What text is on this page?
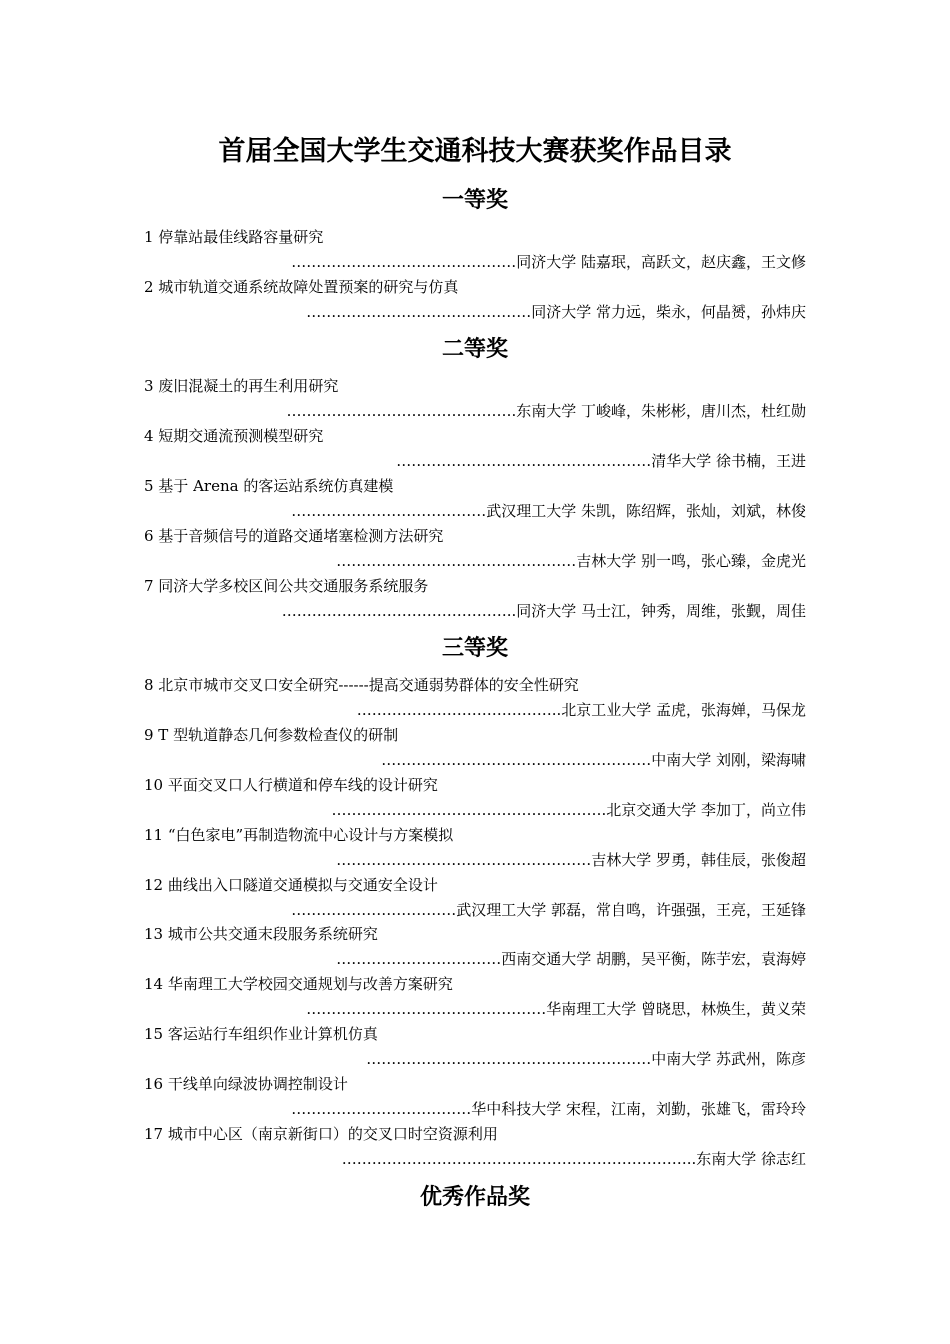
首届全国大学生交通科技大赛获奖作品目录
一等奖
1 停靠站最佳线路容量研究
………………………………………同济大学 陆嘉珉，高跃文，赵庆鑫，王文修
2 城市轨道交通系统故障处置预案的研究与仿真
………………………………………同济大学 常力远，柴永，何晶赟，孙炜庆
二等奖
3 废旧混凝土的再生利用研究
……………………………………….东南大学 丁峻峰，朱彬彬，唐川杰，杜红勋
4 短期交通流预测模型研究
……………………………………………清华大学 徐书楠，王进
5 基于 Arena 的客运站系统仿真建模
…………………………………武汉理工大学 朱凯，陈绍辉，张灿，刘斌，林俊
6 基于音频信号的道路交通堵塞检测方法研究
…………………………………………吉林大学 别一鸣，张心臻，金虎光
7 同济大学多校区间公共交通服务系统服务
………………………………………..同济大学 马士江，钟秀，周维，张觐，周佳
三等奖
8 北京市城市交叉口安全研究------提高交通弱势群体的安全性研究
…………………………………..北京工业大学 孟虎，张海婵，马保龙
9 T 型轨道静态几何参数检查仪的研制
………………………………………………中南大学 刘刚，梁海啸
10 平面交叉口人行横道和停车线的设计研究
……………………………………………….北京交通大学 李加丁，尚立伟
11 “白色家电”再制造物流中心设计与方案模拟
……………………………………………吉林大学 罗勇，韩佳辰，张俊超
12 曲线出入口隧道交通模拟与交通安全设计
……………………………武汉理工大学 郭磊，常自鸣，许强强，王亮，王延锋
13 城市公共交通末段服务系统研究
……………………………西南交通大学 胡鹏，吴平衡，陈芋宏，袁海婷
14 华南理工大学校园交通规划与改善方案研究
…………………………………………华南理工大学 曾晓思，林焕生，黄义荣
15 客运站行车组织作业计算机仿真
…………………………………………………中南大学 苏武州，陈彦
16 干线单向绿波协调控制设计
………………………………华中科技大学 宋程，江南，刘勤，张雄飞，雷玲玲
17 城市中心区（南京新街口）的交叉口时空资源利用
……………………………………………………………..东南大学 徐志红
优秀作品奖
